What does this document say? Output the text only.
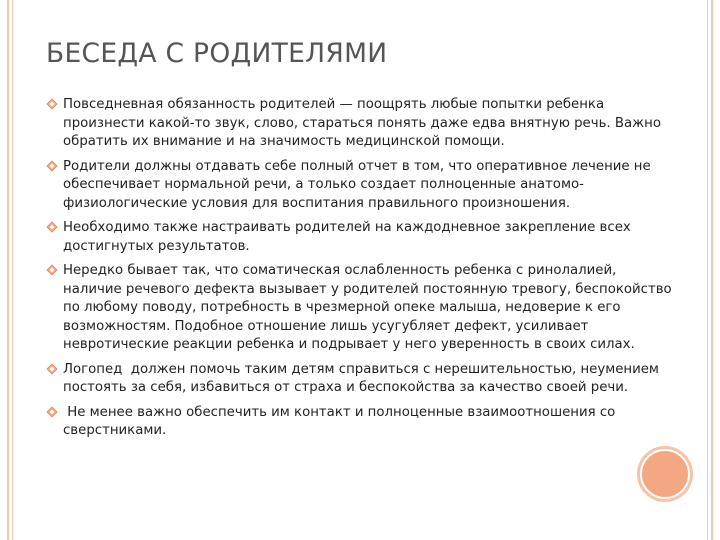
БЕСЕДА С РОДИТЕЛЯМИ
Повседневная обязанность родителей — поощрять любые попытки ребенка произнести какой-то звук, слово, стараться понять даже едва внятную речь. Важно обратить их внимание и на значимость медицинской помощи.
Родители должны отдавать себе полный отчет в том, что оперативное лечение не обеспечивает нормальной речи, а только создает полноценные анатомо-физиологические условия для воспитания правильного произношения.
Необходимо также настраивать родителей на каждодневное закрепление всех достигнутых результатов.
Нередко бывает так, что соматическая ослабленность ребенка с ринолалией, наличие речевого дефекта вызывает у родителей постоянную тревогу, беспокойство по любому поводу, потребность в чрезмерной опеке малыша, недоверие к его возможностям. Подобное отношение лишь усугубляет дефект, усиливает невротические реакции ребенка и подрывает у него уверенность в своих силах.
Логопед  должен помочь таким детям справиться с нерешительностью, неумением постоять за себя, избавиться от страха и беспокойства за качество своей речи.
Не менее важно обеспечить им контакт и полноценные взаимоотношения со сверстниками.
